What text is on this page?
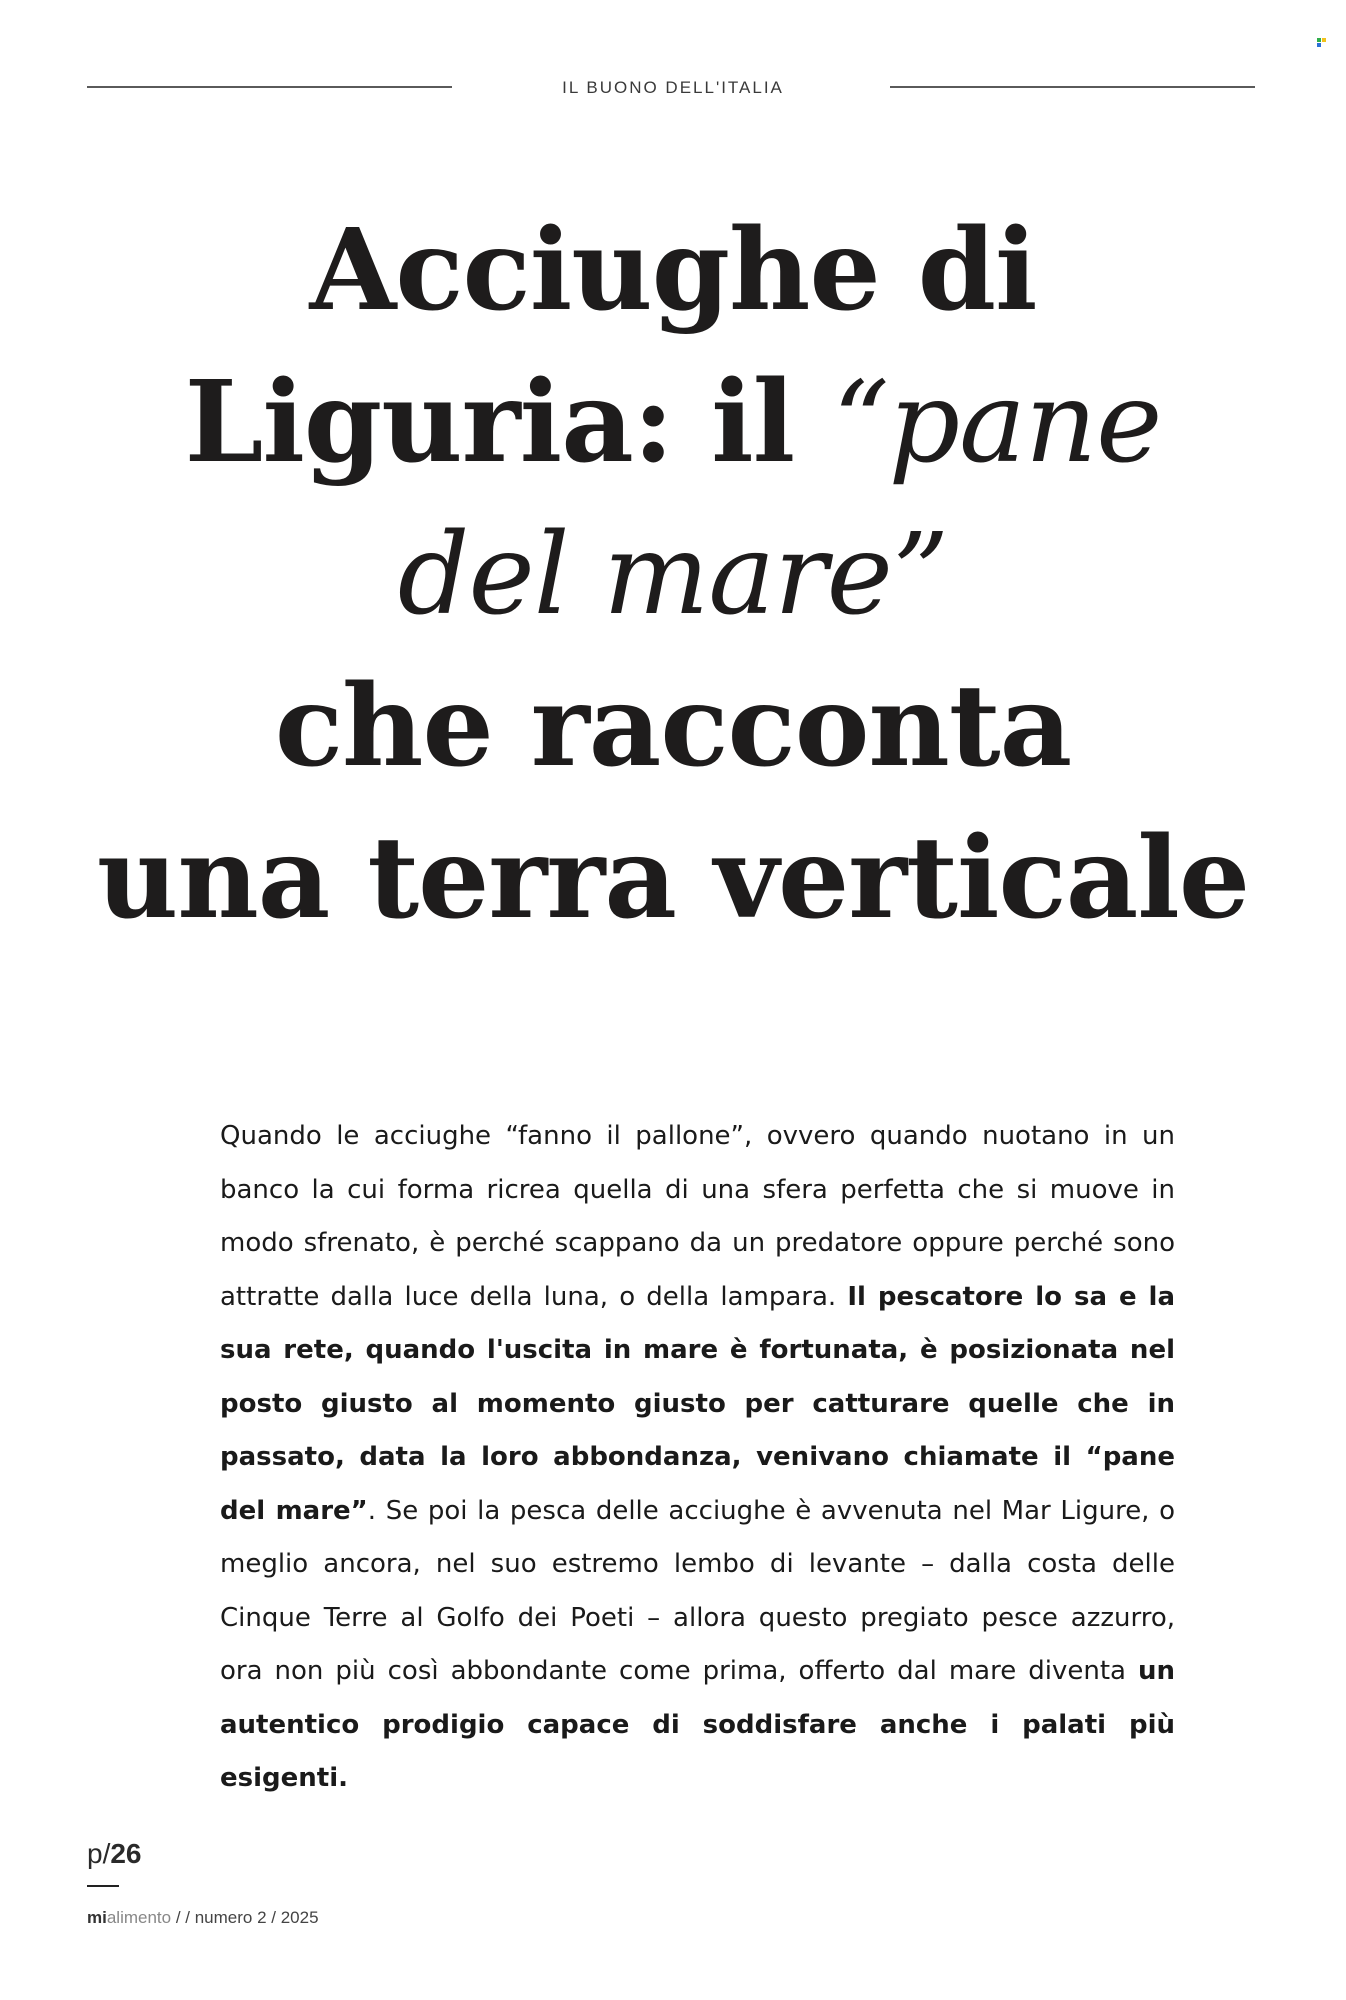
IL BUONO DELL'ITALIA
Acciughe di
Liguria: il “pane
del mare”
che racconta
una terra verticale

Quando le acciughe “fanno il pallone”, ovvero quando nuotano in un banco la cui forma ricrea quella di una sfera perfetta che si muove in modo sfrenato, è perché scappano da un predatore oppure perché sono attratte dalla luce della luna, o della lampara. Il pescatore lo sa e la sua rete, quando l'uscita in mare è fortunata, è posizionata nel posto giusto al momento giusto per catturare quelle che in passato, data la loro abbondanza, venivano chiamate il “pane del mare”. Se poi la pesca delle acciughe è avvenuta nel Mar Ligure, o meglio ancora, nel suo estremo lembo di levante – dalla costa delle Cinque Terre al Golfo dei Poeti – allora questo pregiato pesce azzurro, ora non più così abbondante come prima, offerto dal mare diventa un autentico prodigio capace di soddisfare anche i palati più esigenti.

p/26
mialimento / / numero 2 / 2025
